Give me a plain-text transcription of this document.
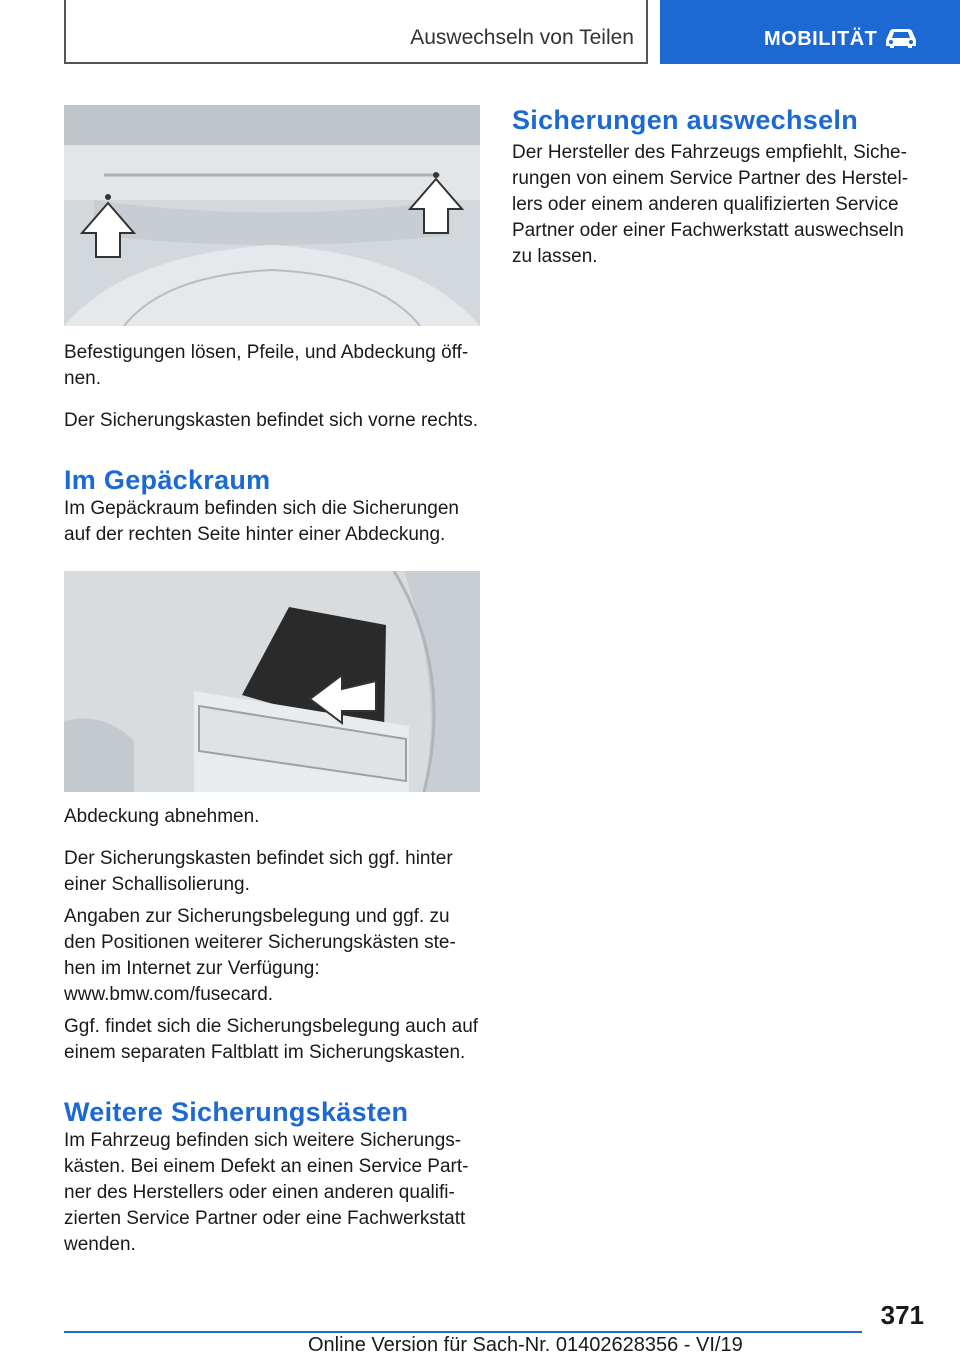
Auswechseln von Teilen	MOBILITÄT

Befestigungen lösen, Pfeile, und Abdeckung öff-nen.

Der Sicherungskasten befindet sich vorne rechts.

Im Gepäckraum

Im Gepäckraum befinden sich die Sicherungen auf der rechten Seite hinter einer Abdeckung.

Abdeckung abnehmen.

Der Sicherungskasten befindet sich ggf. hinter einer Schallisolierung.

Angaben zur Sicherungsbelegung und ggf. zu den Positionen weiterer Sicherungskästen ste-hen im Internet zur Verfügung: www.bmw.com/fusecard.

Ggf. findet sich die Sicherungsbelegung auch auf einem separaten Faltblatt im Sicherungskasten.

Weitere Sicherungskästen

Im Fahrzeug befinden sich weitere Sicherungs-kästen. Bei einem Defekt an einen Service Part-ner des Herstellers oder einen anderen qualifi-zierten Service Partner oder eine Fachwerkstatt wenden.

Sicherungen auswechseln

Der Hersteller des Fahrzeugs empfiehlt, Siche-rungen von einem Service Partner des Herstel-lers oder einem anderen qualifizierten Service Partner oder einer Fachwerkstatt auswechseln zu lassen.

371
Online Version für Sach-Nr. 01402628356 - VI/19
